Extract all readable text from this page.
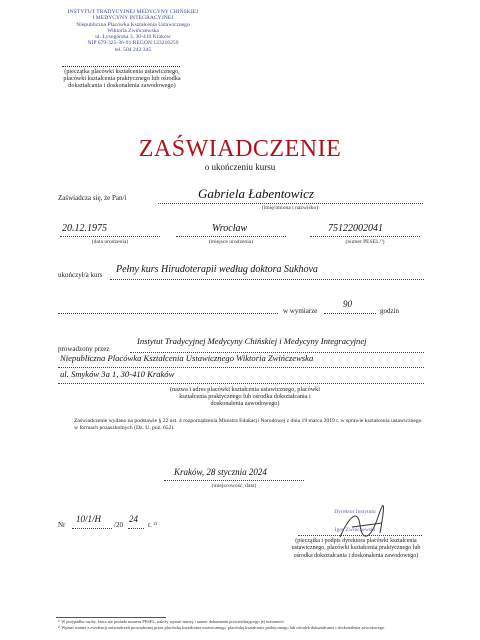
INSTYTUT TRADYCYJNEJ MEDYCYNY CHIŃSKIEJ
I MEDYCYNY INTEGRACYJNEJ
Niepubliczna Placówka Kształcenia Ustawicznego
Wiktoria Zwińczewska
ul. Łysogórska 3, 30-410 Kraków
NIP 679-325-36-91 REGON 123216259
tel. 504 242 345
(pieczątka placówki kształcenia ustawicznego, placówki kształcenia praktycznego lub ośrodka dokształcania i doskonalenia zawodowego)
ZAŚWIADCZENIE
o ukończeniu kursu
Zaświadcza się, że Pan/i	Gabriela Łabentowicz
(imię/imiona i nazwisko)
20.12.1975
(data urodzenia)
Wrocław
(miejsce urodzenia)
75122002041
(numer PESEL¹⁾)
ukończył/a kurs Pełny kurs Hirudoterapii według doktora Sukhova
w wymiarze
90
godzin
prowadzony przez
Instytut Tradycyjnej Medycyny Chińskiej i Medycyny Integracyjnej
Niepubliczna Placówka Kształcenia Ustawicznego Wiktoria Zwińczewska
ul. Smyków 3a 1, 30-410 Kraków
(nazwa i adres placówki kształcenia ustawicznego, placówki kształcenia praktycznego lub ośrodka dokształcania i doskonalenia zawodowego)
Zaświadczenie wydano na podstawie § 22 ust. 4 rozporządzenia Ministra Edukacji Narodowej z dnia 19 marca 2019 r. w sprawie kształcenia ustawicznego w formach pozaszkolnych (Dz. U. poz. 652).
Kraków, 28 stycznia 2024
(miejscowość, data)
Nr
10/1/H
/20
24
r. ²⁾
Dyrektor Instytutu
Igor Zwińczewski
(pieczątka i podpis dyrektora placówki kształcenia ustawicznego, placówki kształcenia praktycznego lub ośrodka dokształcania i doskonalenia zawodowego)
¹⁾ W przypadku osoby, która nie posiada numeru PESEL, należy wpisać nazwę i numer dokumentu potwierdzającego jej tożsamość.
²⁾ Wpisać numer z ewidencji zaświadczeń prowadzonej przez placówkę kształcenia ustawicznego, placówkę kształcenia praktycznego lub ośrodek dokształcania i doskonalenia zawodowego.
